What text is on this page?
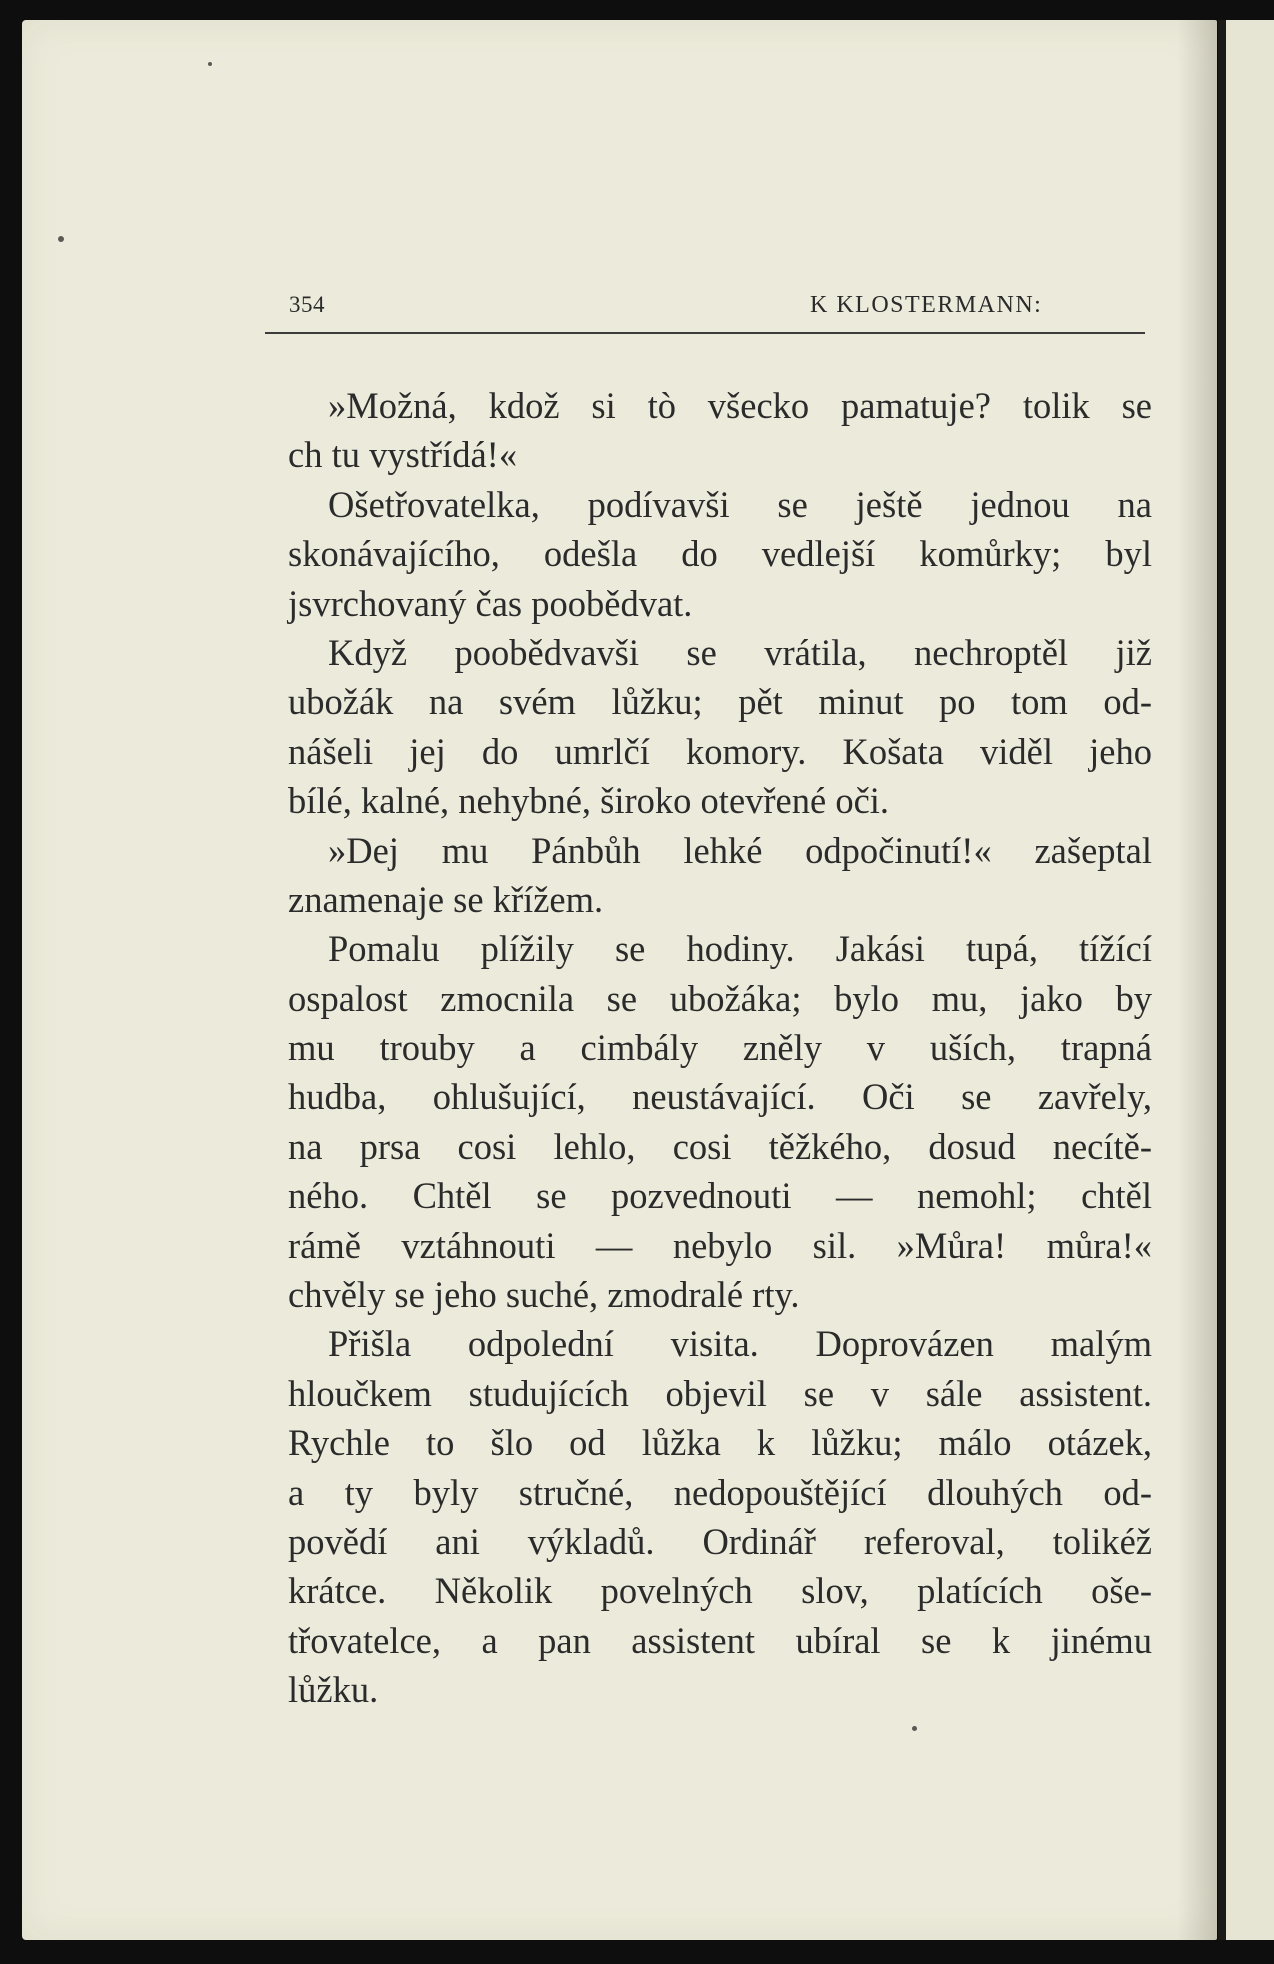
354	K KLOSTERMANN:
»Možná, kdož si tò všecko pamatuje? tolik se
ch tu vystřídá!«
Ošetřovatelka, podívavši se ještě jednou na
skonávajícího, odešla do vedlejší komůrky; byl
jsvrchovaný čas poobědvat.
Když poobědvavši se vrátila, nechroptěl již
ubožák na svém lůžku; pět minut po tom od-
nášeli jej do umrlčí komory. Košata viděl jeho
bílé, kalné, nehybné, široko otevřené oči.
»Dej mu Pánbůh lehké odpočinutí!« zašeptal
znamenaje se křížem.
Pomalu plížily se hodiny. Jakási tupá, tížící
ospalost zmocnila se ubožáka; bylo mu, jako by
mu trouby a cimbály zněly v uších, trapná
hudba, ohlušující, neustávající. Oči se zavřely,
na prsa cosi lehlo, cosi těžkého, dosud necítě-
ného. Chtěl se pozvednouti — nemohl; chtěl
rámě vztáhnouti — nebylo sil. »Můra! můra!«
chvěly se jeho suché, zmodralé rty.
Přišla odpolední visita. Doprovázen malým
hloučkem studujících objevil se v sále assistent.
Rychle to šlo od lůžka k lůžku; málo otázek,
a ty byly stručné, nedopouštějící dlouhých od-
povědí ani výkladů. Ordinář referoval, tolikéž
krátce. Několik povelných slov, platících oše-
třovatelce, a pan assistent ubíral se k jinému
lůžku.
